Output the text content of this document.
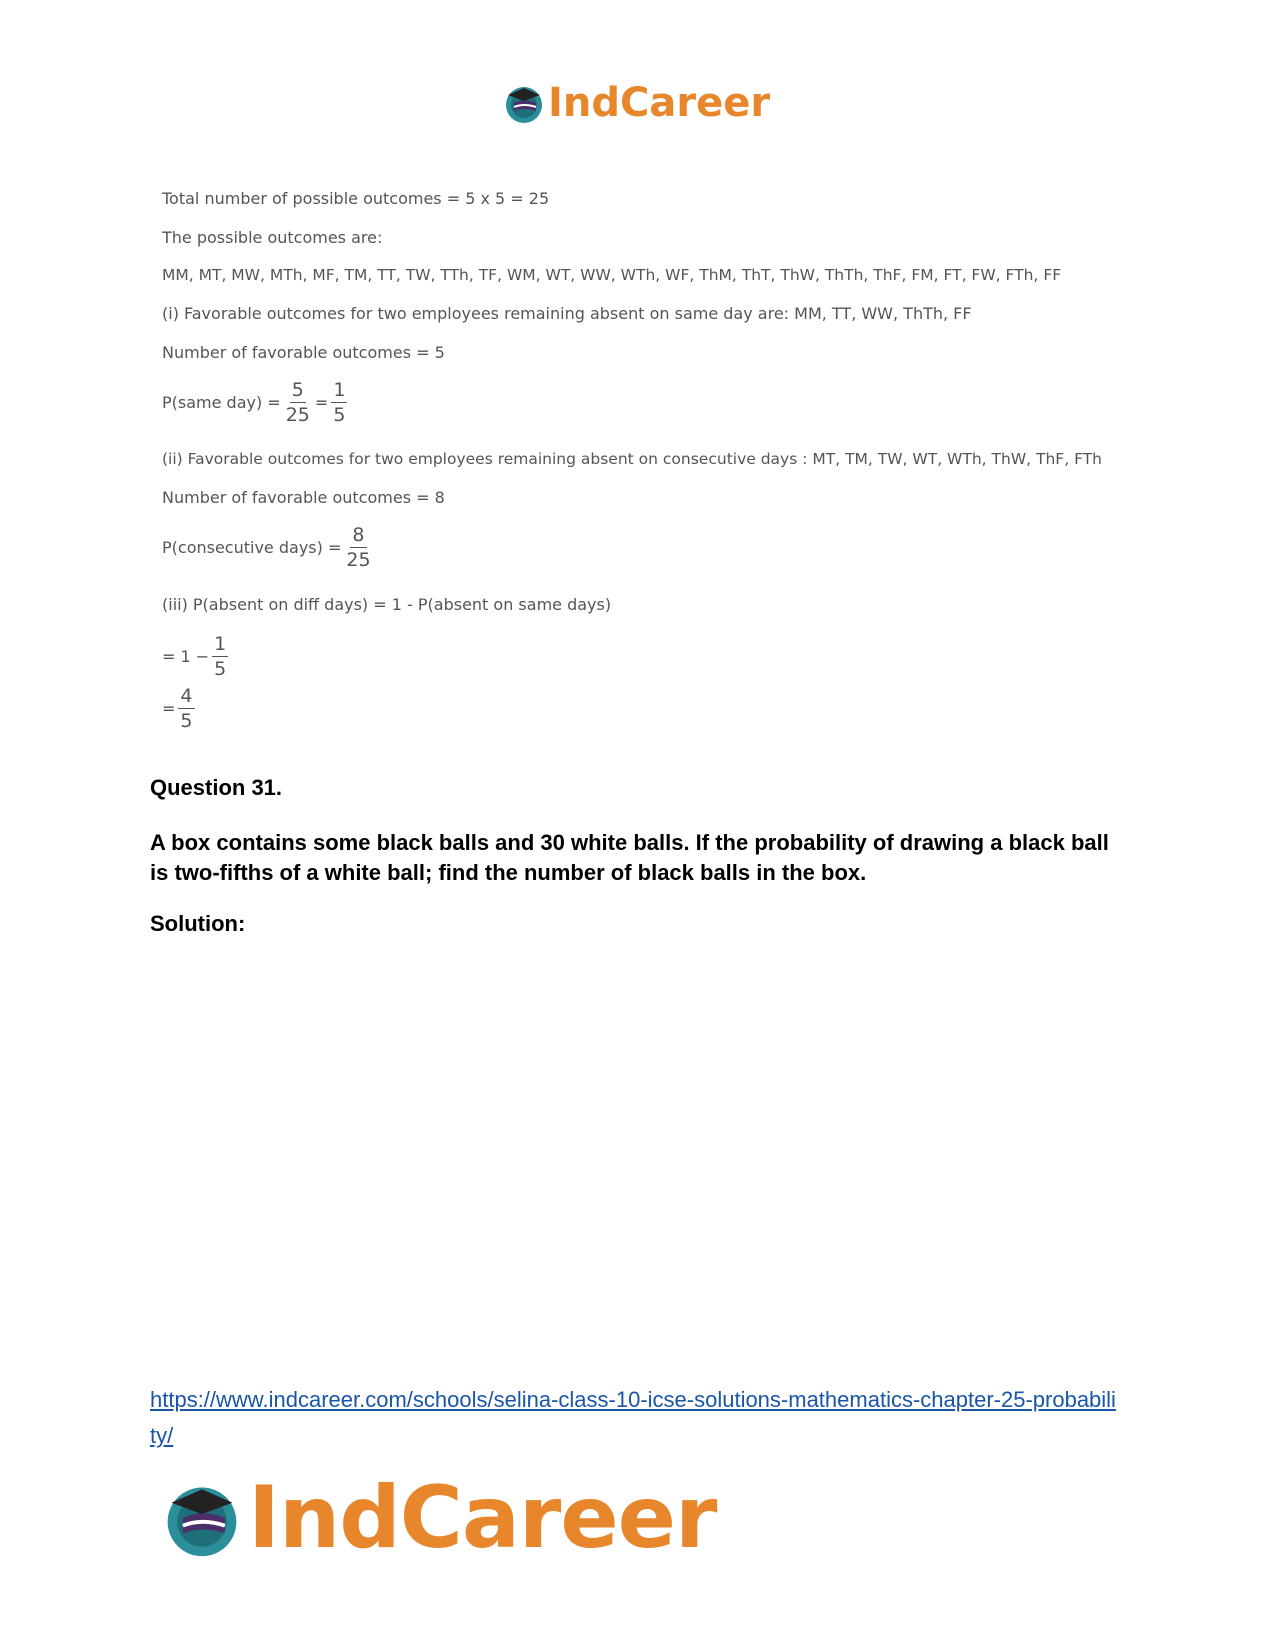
IndCareer
Total number of possible outcomes = 5 x 5 = 25
The possible outcomes are:
MM, MT, MW, MTh, MF, TM, TT, TW, TTh, TF, WM, WT, WW, WTh, WF, ThM, ThT, ThW, ThTh, ThF, FM, FT, FW, FTh, FF
(i) Favorable outcomes for two employees remaining absent on same day are: MM, TT, WW, ThTh, FF
Number of favorable outcomes = 5
P(same $day) = \frac{5}{25} = \frac{1}{5}$
(ii) Favorable outcomes for two employees remaining absent on consecutive days : MT, TM, TW, WT, WTh, ThW, ThF, FTh
Number of favorable outcomes = 8
P(consecutive days) = $\frac{8}{25}$
(iii) P(absent on diff days) = 1 - P(absent on same days)
= $1 - \frac{1}{5}$
= $\frac{4}{5}$
Question 31.
A box contains some black balls and 30 white balls. If the probability of drawing a black ball is two-fifths of a white ball; find the number of black balls in the box.
Solution:
https://www.indcareer.com/schools/selina-class-10-icse-solutions-mathematics-chapter-25-probability/
IndCareer
